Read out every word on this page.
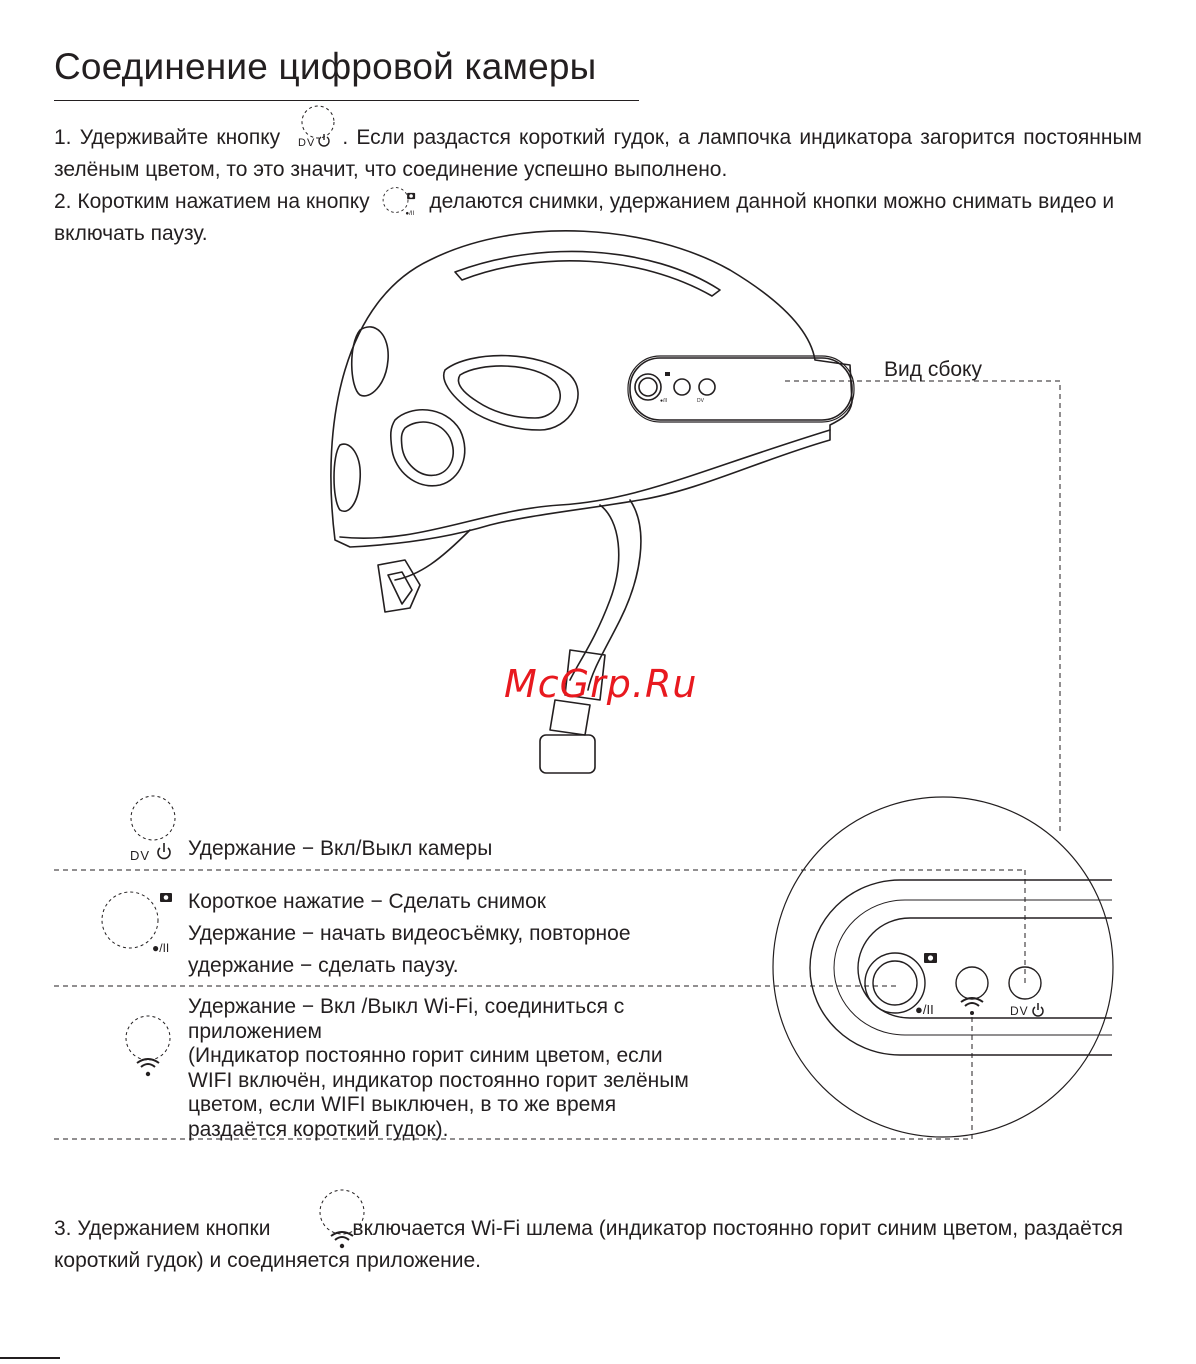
Соединение цифровой камеры
1. Удерживайте кнопку DV . Если раздастся короткий гудок, а лампочка индикатора загорится постоянным зелёным цветом, то это значит, что соединение успешно выполнено.
2. Коротким нажатием на кнопку
●/II
делаются снимки, удержанием данной кнопки можно снимать видео и включать паузу.
●/II	DV
●/II	DV
DV
●/II
Вид сбоку
McGrp.Ru
Удержание − Вкл/Выкл камеры
Короткое нажатие − Сделать снимок
Удержание − начать видеосъёмку, повторное
удержание − сделать паузу.
Удержание − Вкл /Выкл Wi-Fi, соединиться с
приложением
(Индикатор постоянно горит синим цветом, если
WIFI включён, индикатор постоянно горит зелёным
цветом, если WIFI выключен, в то же время
раздаётся короткий гудок).
3. Удержанием кнопки	включается Wi-Fi шлема (индикатор постоянно горит синим цветом, раздаётся короткий гудок) и соединяется приложение.
